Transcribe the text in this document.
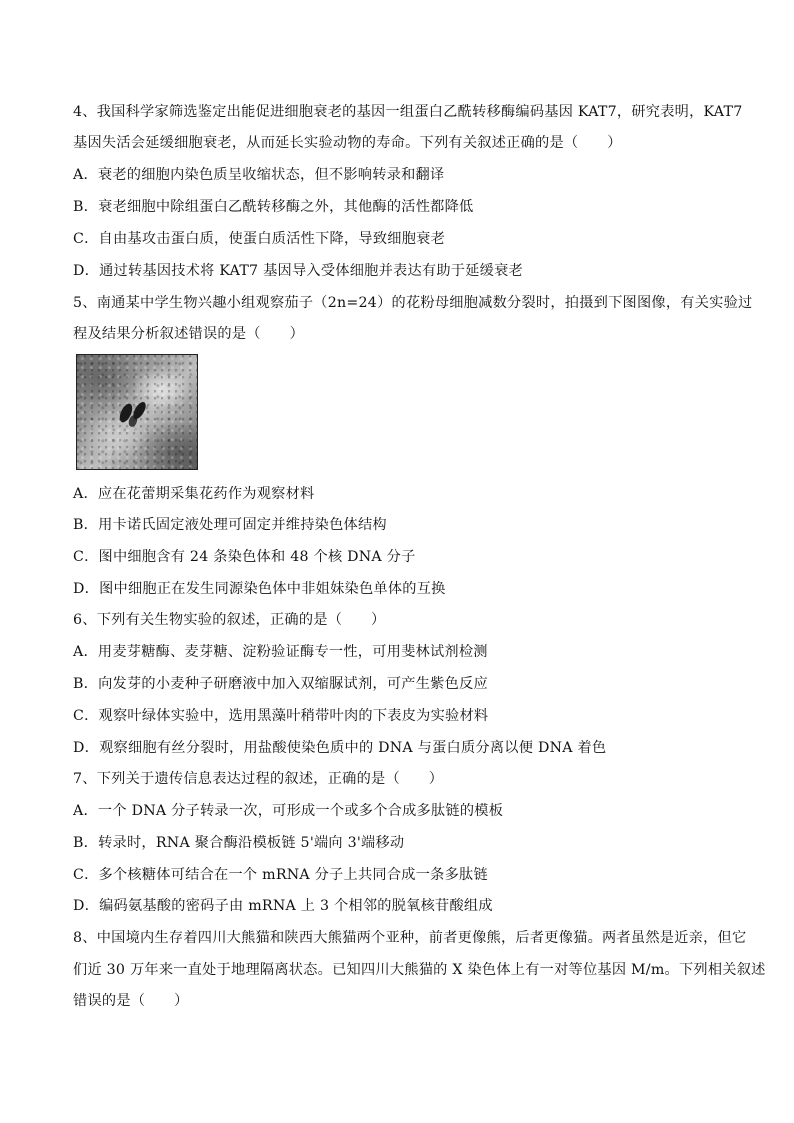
4、我国科学家筛选鉴定出能促进细胞衰老的基因一组蛋白乙酰转移酶编码基因 KAT7，研究表明，KAT7
基因失活会延缓细胞衰老，从而延长实验动物的寿命。下列有关叙述正确的是（　　）
A．衰老的细胞内染色质呈收缩状态，但不影响转录和翻译
B．衰老细胞中除组蛋白乙酰转移酶之外，其他酶的活性都降低
C．自由基攻击蛋白质，使蛋白质活性下降，导致细胞衰老
D．通过转基因技术将 KAT7 基因导入受体细胞并表达有助于延缓衰老
5、南通某中学生物兴趣小组观察茄子（2n=24）的花粉母细胞减数分裂时，拍摄到下图图像，有关实验过
程及结果分析叙述错误的是（　　）
A．应在花蕾期采集花药作为观察材料
B．用卡诺氏固定液处理可固定并维持染色体结构
C．图中细胞含有 24 条染色体和 48 个核 DNA 分子
D．图中细胞正在发生同源染色体中非姐妹染色单体的互换
6、下列有关生物实验的叙述，正确的是（　　）
A．用麦芽糖酶、麦芽糖、淀粉验证酶专一性，可用斐林试剂检测
B．向发芽的小麦种子研磨液中加入双缩脲试剂，可产生紫色反应
C．观察叶绿体实验中，选用黑藻叶稍带叶肉的下表皮为实验材料
D．观察细胞有丝分裂时，用盐酸使染色质中的 DNA 与蛋白质分离以便 DNA 着色
7、下列关于遗传信息表达过程的叙述，正确的是（　　）
A．一个 DNA 分子转录一次，可形成一个或多个合成多肽链的模板
B．转录时，RNA 聚合酶沿模板链 5'端向 3'端移动
C．多个核糖体可结合在一个 mRNA 分子上共同合成一条多肽链
D．编码氨基酸的密码子由 mRNA 上 3 个相邻的脱氧核苷酸组成
8、中国境内生存着四川大熊猫和陕西大熊猫两个亚种，前者更像熊，后者更像猫。两者虽然是近亲，但它
们近 30 万年来一直处于地理隔离状态。已知四川大熊猫的 X 染色体上有一对等位基因 M/m。下列相关叙述
错误的是（　　）
